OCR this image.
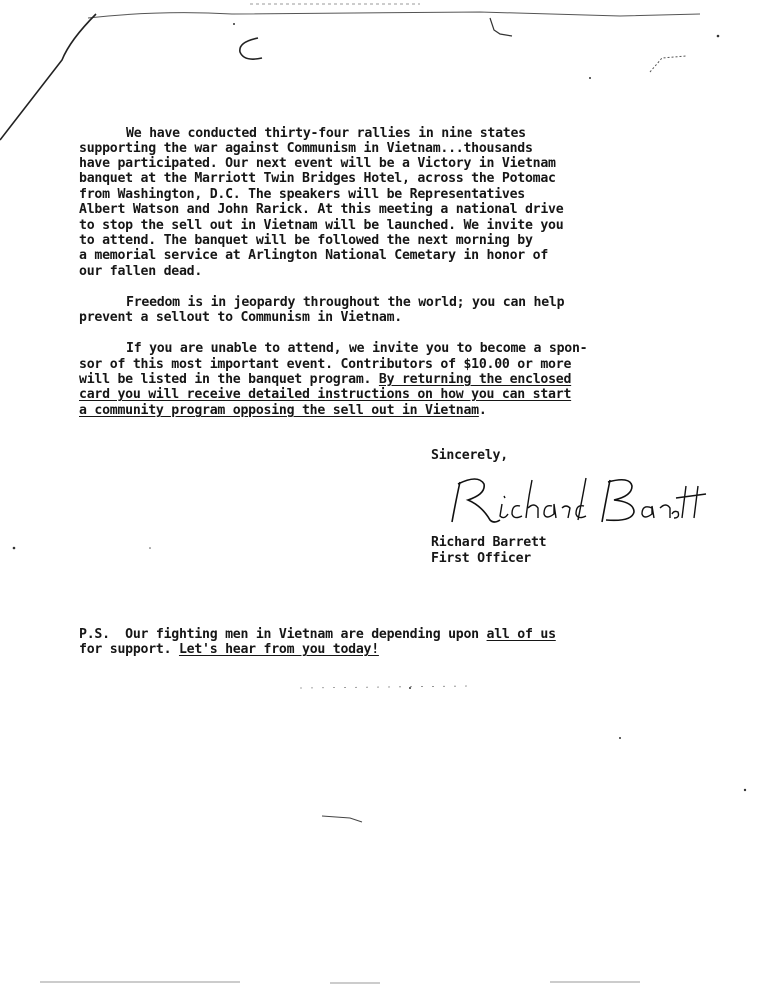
We have conducted thirty-four rallies in nine states
supporting the war against Communism in Vietnam...thousands
have participated. Our next event will be a Victory in Vietnam
banquet at the Marriott Twin Bridges Hotel, across the Potomac
from Washington, D.C. The speakers will be Representatives
Albert Watson and John Rarick. At this meeting a national drive
to stop the sell out in Vietnam will be launched. We invite you
to attend. The banquet will be followed the next morning by
a memorial service at Arlington National Cemetary in honor of
our fallen dead.
Freedom is in jeopardy throughout the world; you can help
prevent a sellout to Communism in Vietnam.
If you are unable to attend, we invite you to become a spon-
sor of this most important event. Contributors of $10.00 or more
will be listed in the banquet program. By returning the enclosed
card you will receive detailed instructions on how you can start
a community program opposing the sell out in Vietnam.
Sincerely,
Richard Barrett
First Officer
P.S.  Our fighting men in Vietnam are depending upon all of us
for support. Let's hear from you today!
